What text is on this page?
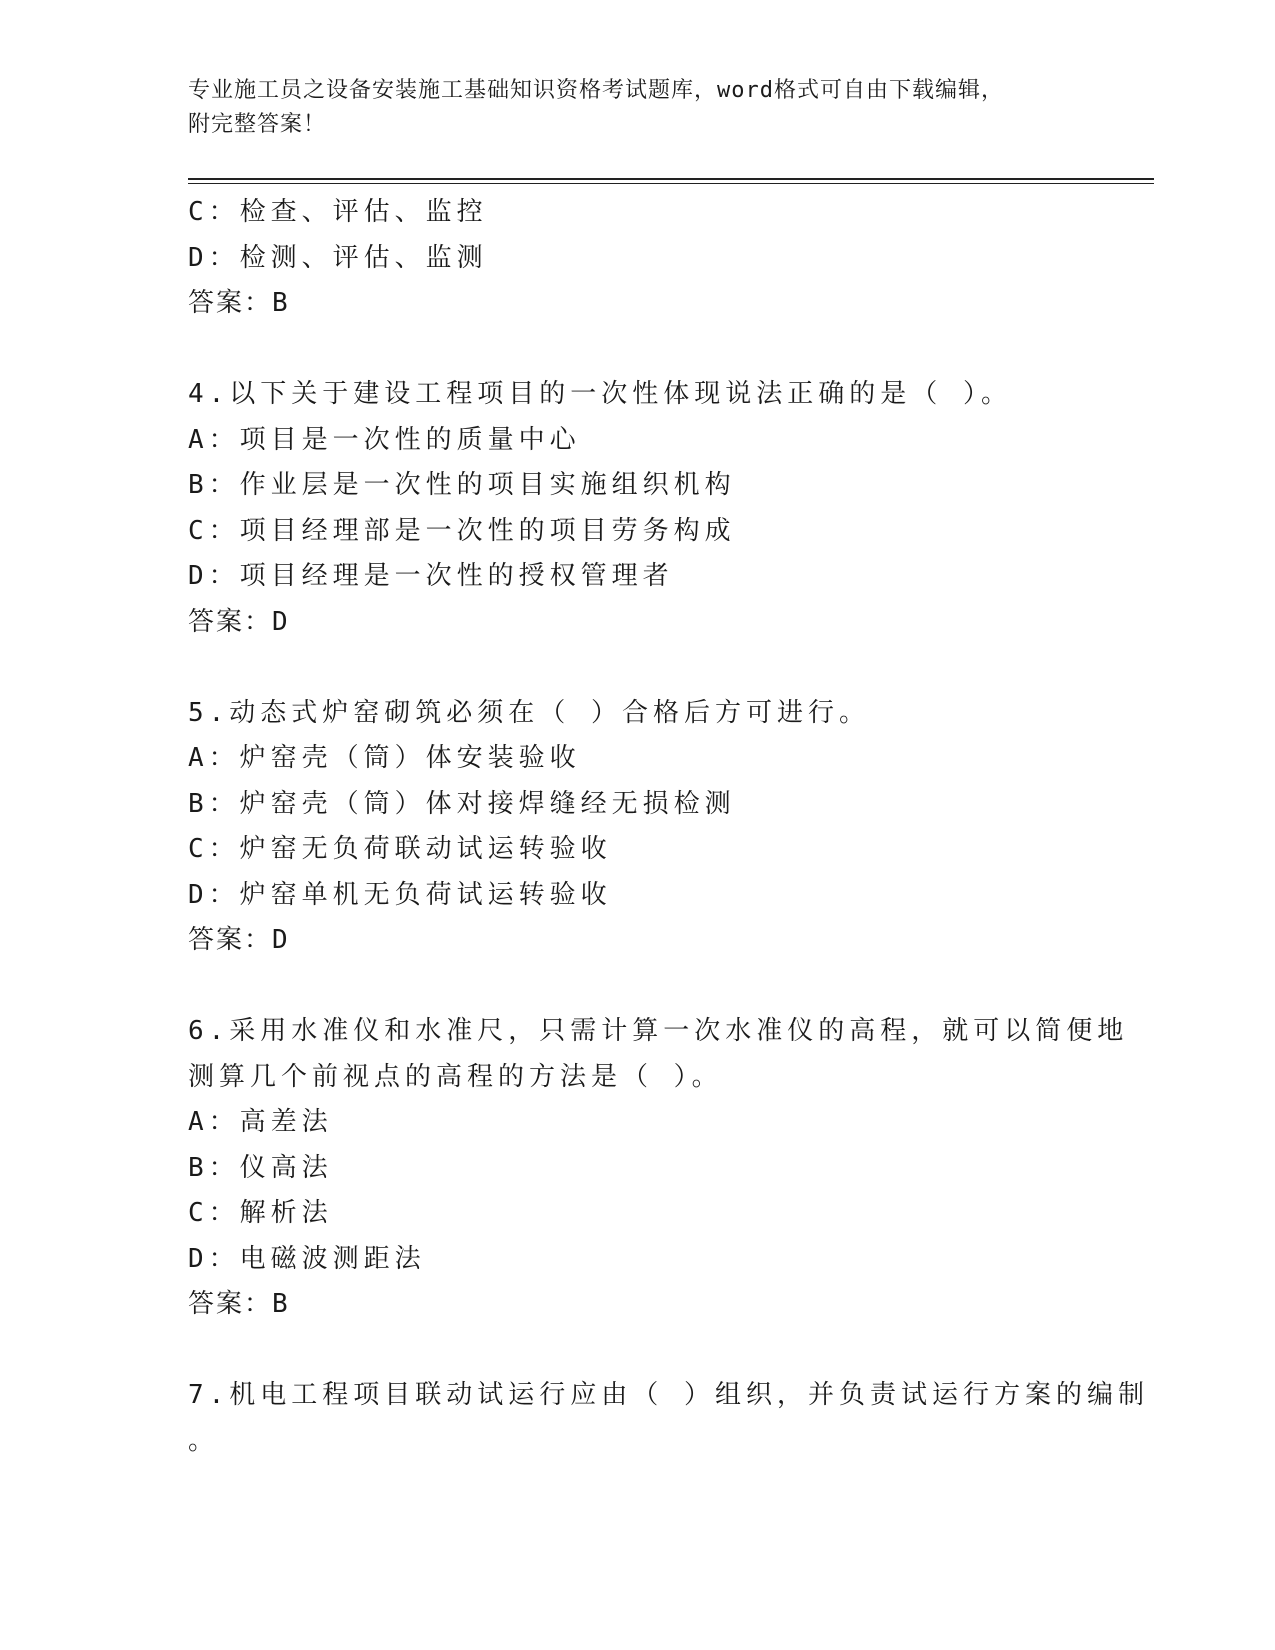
专业施工员之设备安装施工基础知识资格考试题库，word格式可自由下载编辑，
附完整答案！
C：检查、评估、监控
D：检测、评估、监测
答案：B
4.以下关于建设工程项目的一次性体现说法正确的是（ ）。
A：项目是一次性的质量中心
B：作业层是一次性的项目实施组织机构
C：项目经理部是一次性的项目劳务构成
D：项目经理是一次性的授权管理者
答案：D
5.动态式炉窑砌筑必须在（ ）合格后方可进行。
A：炉窑壳（筒）体安装验收
B：炉窑壳（筒）体对接焊缝经无损检测
C：炉窑无负荷联动试运转验收
D：炉窑单机无负荷试运转验收
答案：D
6.采用水准仪和水准尺，只需计算一次水准仪的高程，就可以简便地
测算几个前视点的高程的方法是（ ）。
A：高差法
B：仪高法
C：解析法
D：电磁波测距法
答案：B
7.机电工程项目联动试运行应由（ ）组织，并负责试运行方案的编制
。
